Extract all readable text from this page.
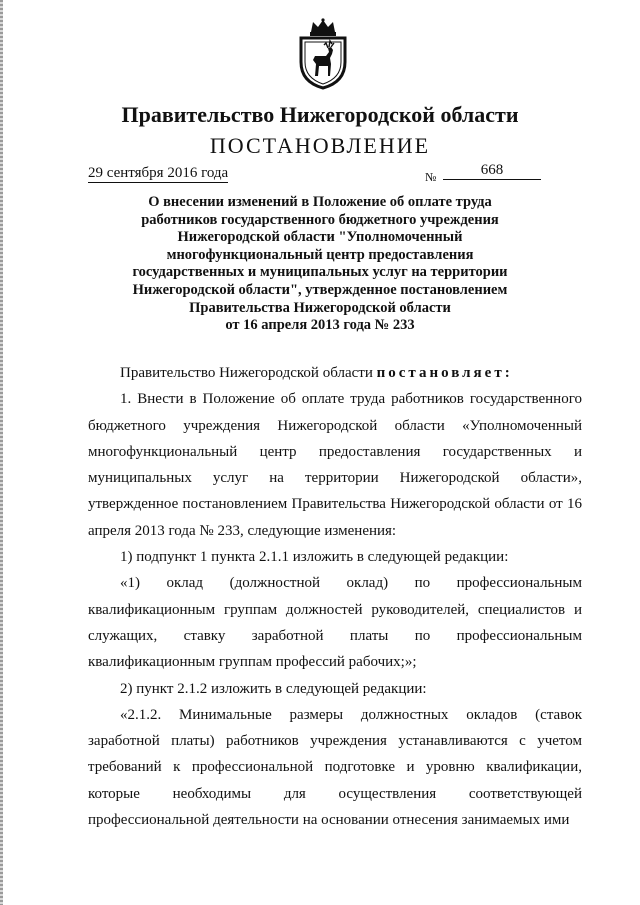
Правительство Нижегородской области
ПОСТАНОВЛЕНИЕ
29 сентября 2016 года	№	668
О внесении изменений в Положение об оплате труда
работников государственного бюджетного учреждения
Нижегородской области "Уполномоченный
многофункциональный центр предоставления
государственных и муниципальных услуг на территории
Нижегородской области", утвержденное постановлением
Правительства Нижегородской области
от 16 апреля 2013 года № 233

Правительство Нижегородской области постановляет:

1. Внести в Положение об оплате труда работников государственного бюджетного учреждения Нижегородской области «Уполномоченный многофункциональный центр предоставления государственных и муниципальных услуг на территории Нижегородской области», утвержденное постановлением Правительства Нижегородской области от 16 апреля 2013 года № 233, следующие изменения:

1) подпункт 1 пункта 2.1.1 изложить в следующей редакции:

«1) оклад (должностной оклад) по профессиональным квалификационным группам должностей руководителей, специалистов и служащих, ставку заработной платы по профессиональным квалификационным группам профессий рабочих;»;

2) пункт 2.1.2 изложить в следующей редакции:

«2.1.2. Минимальные размеры должностных окладов (ставок заработной платы) работников учреждения устанавливаются с учетом требований к профессиональной подготовке и уровню квалификации, которые необходимы для осуществления соответствующей профессиональной деятельности на основании отнесения занимаемых ими
